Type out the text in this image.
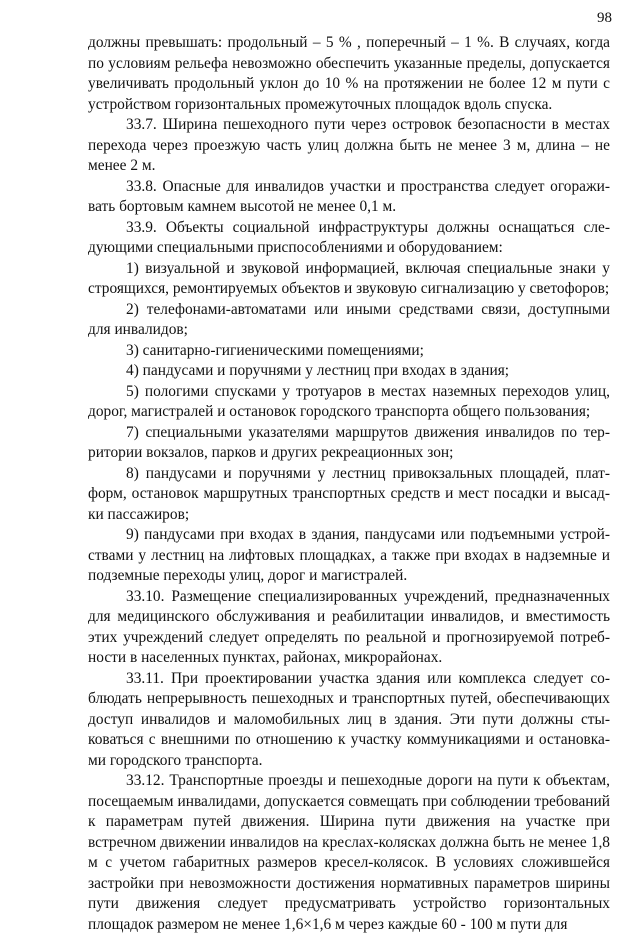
98

должны превышать: продольный – 5 % , поперечный – 1 %. В случаях, когда по условиям рельефа невозможно обеспечить указанные пределы, допускается увеличивать продольный уклон до 10 % на протяжении не более 12 м пути с устройством горизонтальных промежуточных площадок вдоль спуска.

33.7. Ширина пешеходного пути через островок безопасности в местах перехода через проезжую часть улиц должна быть не менее 3 м, длина – не менее 2 м.

33.8. Опасные для инвалидов участки и пространства следует огораживать бортовым камнем высотой не менее 0,1 м.

33.9. Объекты социальной инфраструктуры должны оснащаться следующими специальными приспособлениями и оборудованием:

1) визуальной и звуковой информацией, включая специальные знаки у строящихся, ремонтируемых объектов и звуковую сигнализацию у светофоров;

2) телефонами-автоматами или иными средствами связи, доступными для инвалидов;

3) санитарно-гигиеническими помещениями;

4) пандусами и поручнями у лестниц при входах в здания;

5) пологими спусками у тротуаров в местах наземных переходов улиц, дорог, магистралей и остановок городского транспорта общего пользования;

7) специальными указателями маршрутов движения инвалидов по территории вокзалов, парков и других рекреационных зон;

8) пандусами и поручнями у лестниц привокзальных площадей, платформ, остановок маршрутных транспортных средств и мест посадки и высадки пассажиров;

9) пандусами при входах в здания, пандусами или подъемными устройствами у лестниц на лифтовых площадках, а также при входах в надземные и подземные переходы улиц, дорог и магистралей.

33.10. Размещение специализированных учреждений, предназначенных для медицинского обслуживания и реабилитации инвалидов, и вместимость этих учреждений следует определять по реальной и прогнозируемой потребности в населенных пунктах, районах, микрорайонах.

33.11. При проектировании участка здания или комплекса следует соблюдать непрерывность пешеходных и транспортных путей, обеспечивающих доступ инвалидов и маломобильных лиц в здания. Эти пути должны стыковаться с внешними по отношению к участку коммуникациями и остановками городского транспорта.

33.12. Транспортные проезды и пешеходные дороги на пути к объектам, посещаемым инвалидами, допускается совмещать при соблюдении требований к параметрам путей движения. Ширина пути движения на участке при встречном движении инвалидов на креслах-колясках должна быть не менее 1,8 м с учетом габаритных размеров кресел-колясок. В условиях сложившейся застройки при невозможности достижения нормативных параметров ширины пути движения следует предусматривать устройство горизонтальных площадок размером не менее 1,6×1,6 м через каждые 60 - 100 м пути для
